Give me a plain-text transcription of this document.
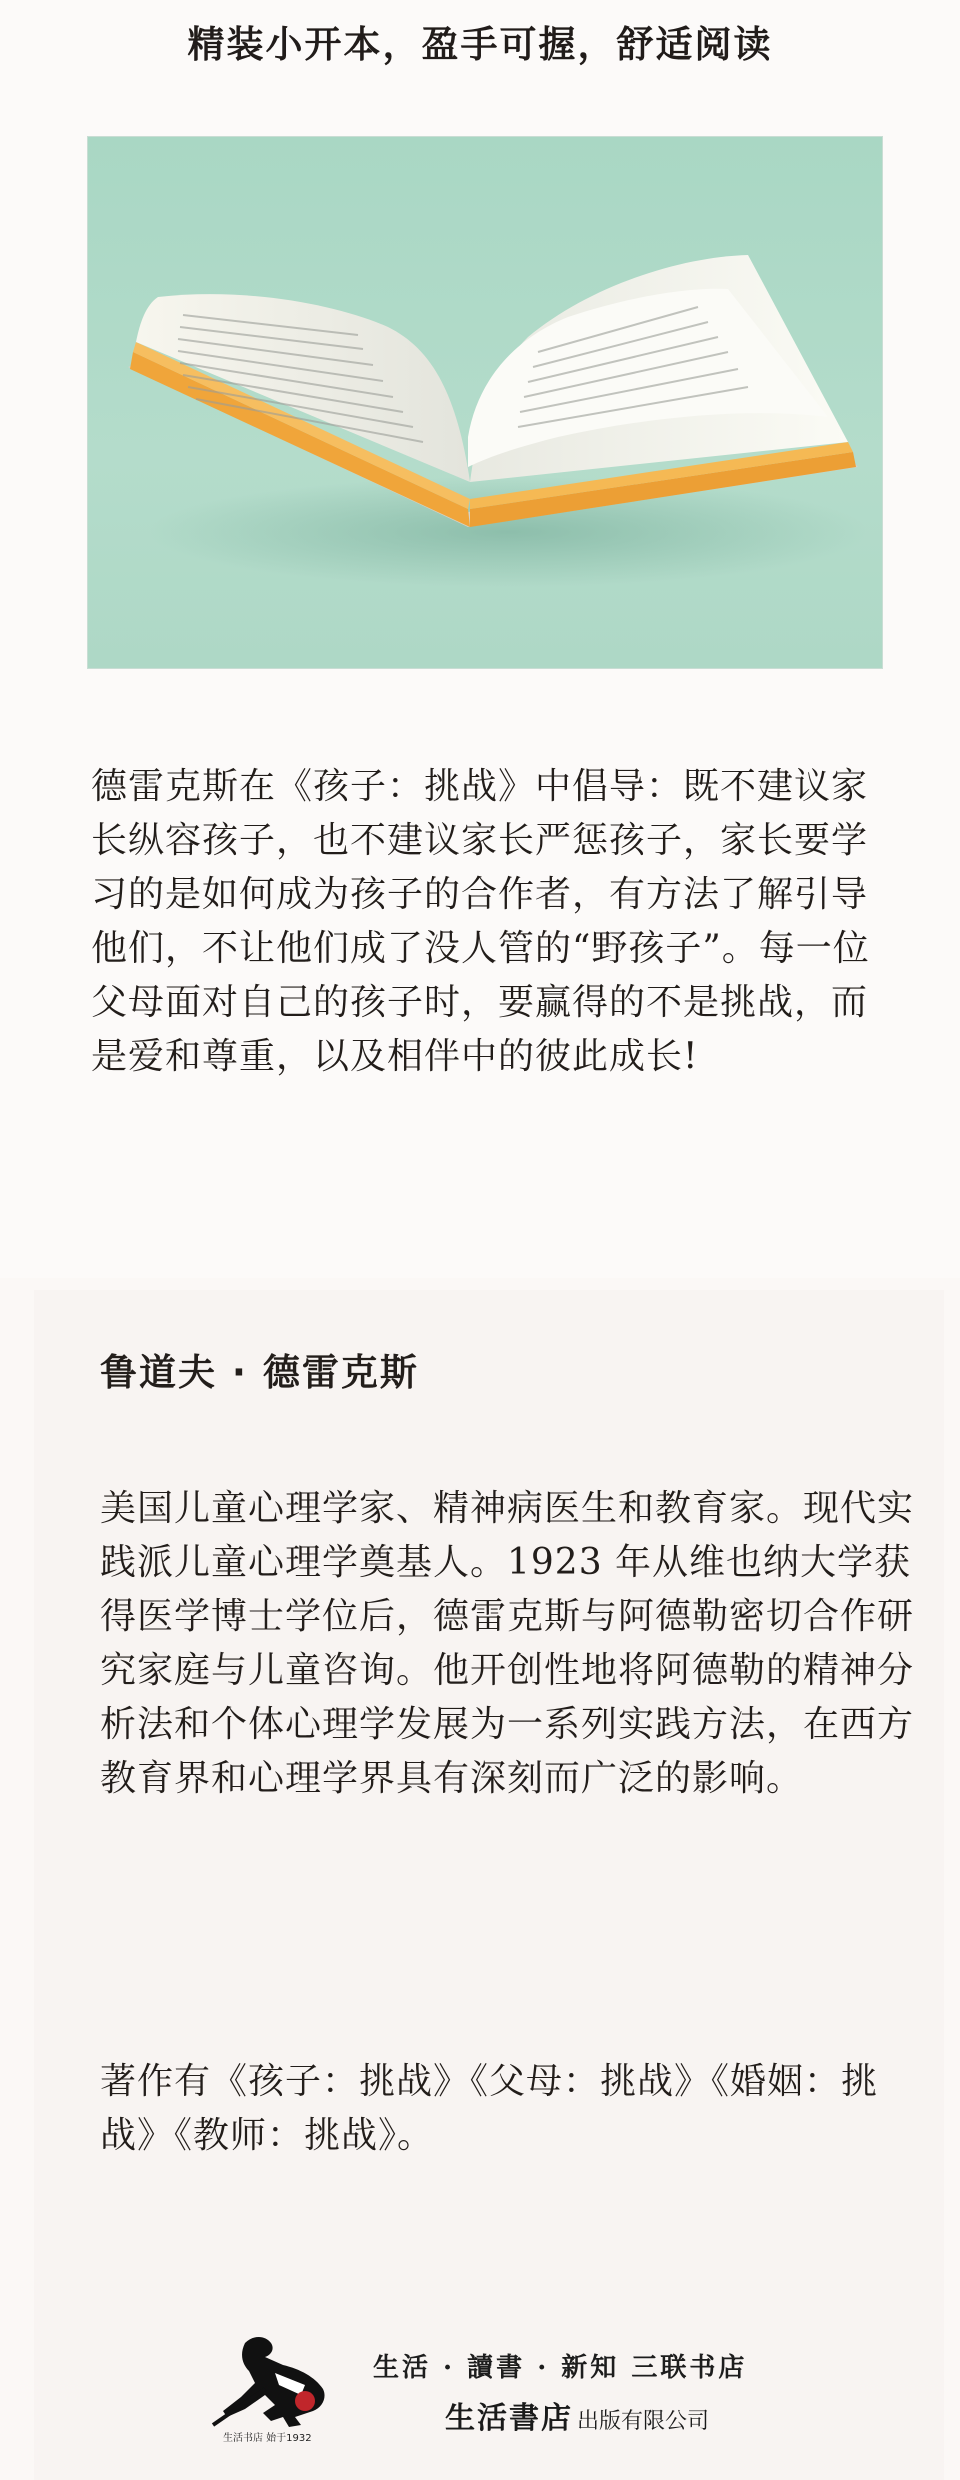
精装小开本，盈手可握，舒适阅读
德雷克斯在《孩子：挑战》中倡导：既不建议家长纵容孩子，也不建议家长严惩孩子，家长要学习的是如何成为孩子的合作者，有方法了解引导他们，不让他们成了没人管的“野孩子”。每一位父母面对自己的孩子时，要赢得的不是挑战，而是爱和尊重，以及相伴中的彼此成长!
鲁道夫 · 德雷克斯
美国儿童心理学家、精神病医生和教育家。现代实践派儿童心理学奠基人。1923 年从维也纳大学获得医学博士学位后，德雷克斯与阿德勒密切合作研究家庭与儿童咨询。他开创性地将阿德勒的精神分析法和个体心理学发展为一系列实践方法，在西方教育界和心理学界具有深刻而广泛的影响。
著作有《孩子：挑战》《父母：挑战》《婚姻：挑战》《教师：挑战》。
生活书店 始于1932
生活 · 讀書 · 新知 三联书店
生活書店 出版有限公司
